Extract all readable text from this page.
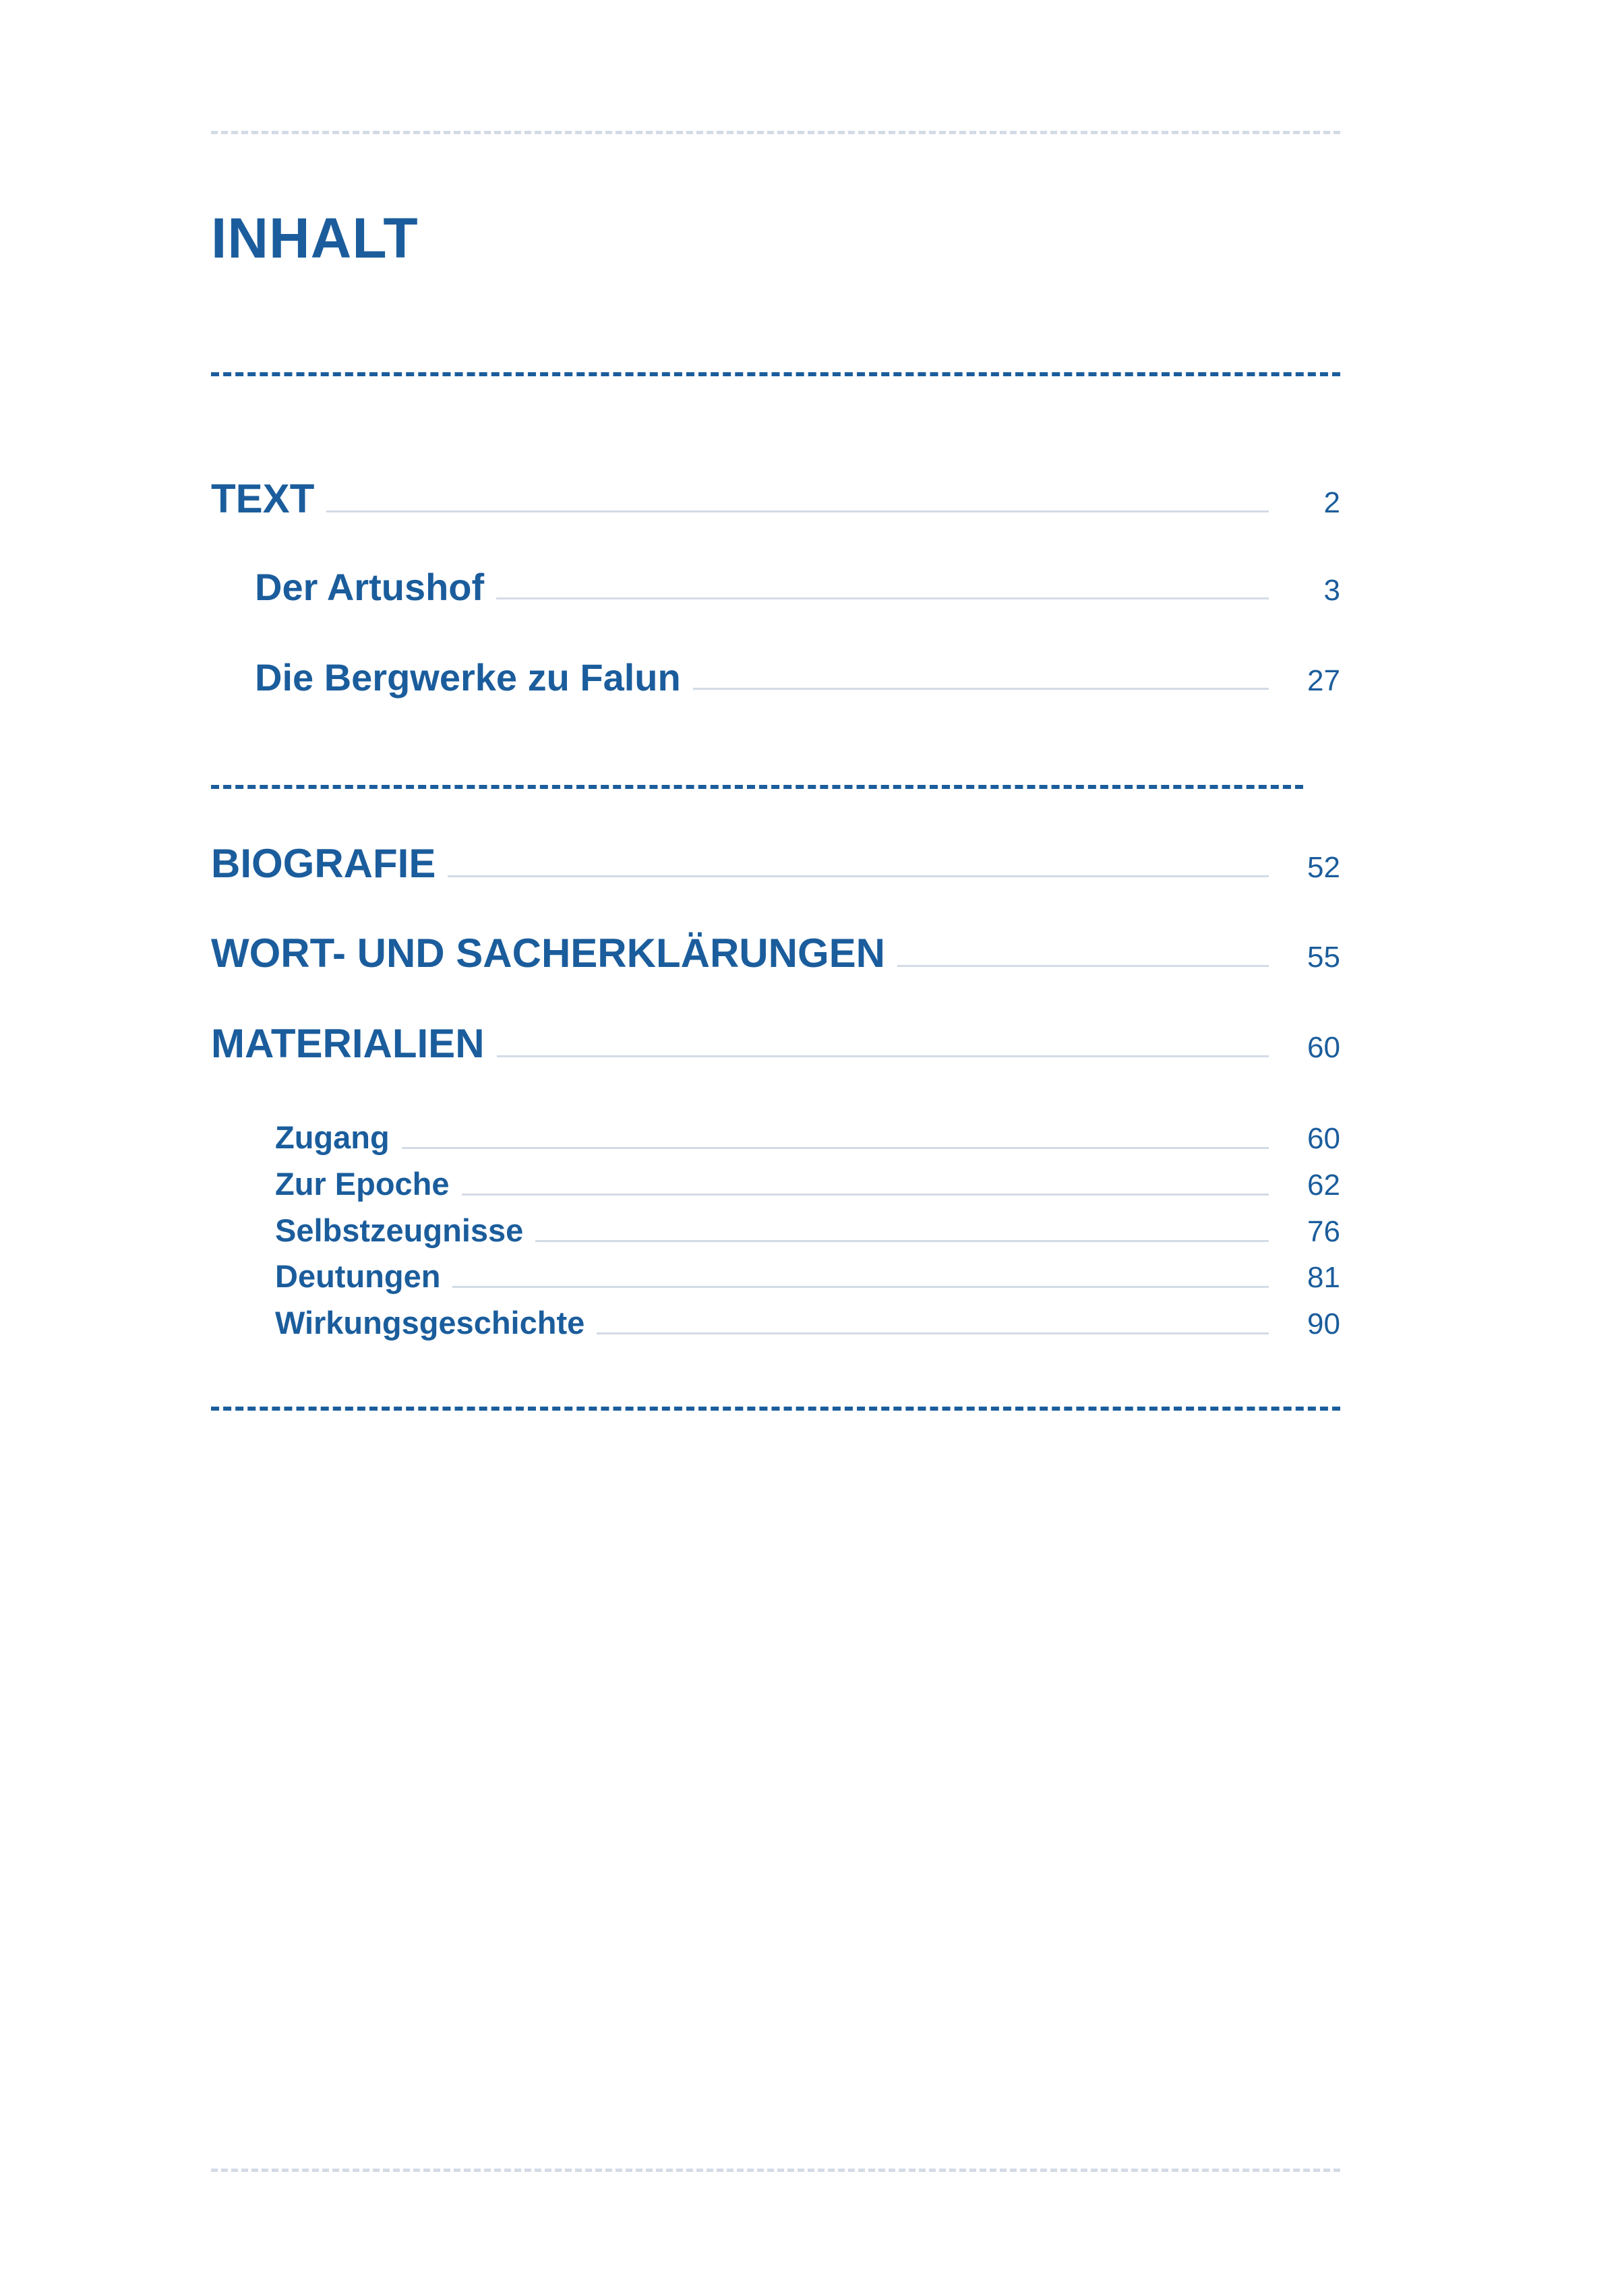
INHALT
TEXT	2
Der Artushof	3
Die Bergwerke zu Falun	27
BIOGRAFIE	52
WORT- UND SACHERKLÄRUNGEN	55
MATERIALIEN	60
Zugang	60
Zur Epoche	62
Selbstzeugnisse	76
Deutungen	81
Wirkungsgeschichte	90
